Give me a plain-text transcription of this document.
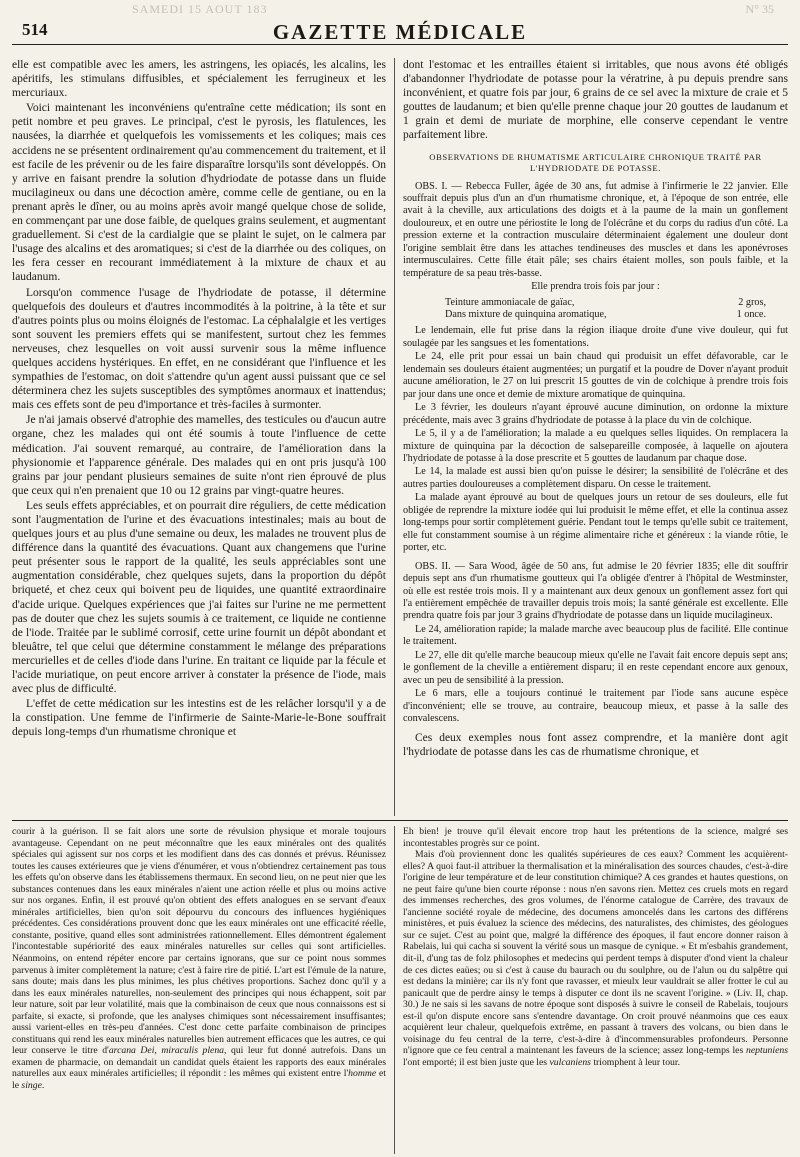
514
SAMEDI 15 AOUT 183	N° 35
GAZETTE MÉDICALE

elle est compatible avec les amers, les astringens, les opiacés, les alcalins, les apéritifs, les stimulans diffusibles, et spécialement les ferrugineux et les mercuriaux.

Voici maintenant les inconvéniens qu'entraîne cette médication; ils sont en petit nombre et peu graves. Le principal, c'est le pyrosis, les flatulences, les nausées, la diarrhée et quelquefois les vomissements et les coliques; mais ces accidens ne se présentent ordinairement qu'au commencement du traitement, et il est facile de les prévenir ou de les faire disparaître lorsqu'ils sont développés. On y arrive en faisant prendre la solution d'hydriodate de potasse dans un fluide mucilagineux ou dans une décoction amère, comme celle de gentiane, ou en la prenant après le dîner, ou au moins après avoir mangé quelque chose de solide, en commençant par une dose faible, de quelques grains seulement, et augmentant graduellement. Si c'est de la cardialgie que se plaint le sujet, on le calmera par l'usage des alcalins et des aromatiques; si c'est de la diarrhée ou des coliques, on les fera cesser en recourant immédiatement à la mixture de chaux et au laudanum.

Lorsqu'on commence l'usage de l'hydriodate de potasse, il détermine quelquefois des douleurs et d'autres incommodités à la poitrine, à la tête et sur d'autres points plus ou moins éloignés de l'estomac. La céphalalgie et les vertiges sont souvent les premiers effets qui se manifestent, surtout chez les femmes nerveuses, chez lesquelles on voit aussi survenir sous la même influence quelques accidens hystériques. En effet, en ne considérant que l'influence et les sympathies de l'estomac, on doit s'attendre qu'un agent aussi puissant que ce sel déterminera chez les sujets susceptibles des symptômes anormaux et inattendus; mais ces effets sont de peu d'importance et très-faciles à surmonter.

Je n'ai jamais observé d'atrophie des mamelles, des testicules ou d'aucun autre organe, chez les malades qui ont été soumis à toute l'influence de cette médication. J'ai souvent remarqué, au contraire, de l'amélioration dans la physionomie et l'apparence générale. Des malades qui en ont pris jusqu'à 100 grains par jour pendant plusieurs semaines de suite n'ont rien éprouvé de plus que ceux qui n'en prenaient que 10 ou 12 grains par vingt-quatre heures.

Les seuls effets appréciables, et on pourrait dire réguliers, de cette médication sont l'augmentation de l'urine et des évacuations intestinales; mais au bout de quelques jours et au plus d'une semaine ou deux, les malades ne trouvent plus de différence dans la quantité des évacuations. Quant aux changemens que l'urine peut présenter sous le rapport de la qualité, les seuls appréciables sont une augmentation considérable, chez quelques sujets, dans la proportion du dépôt briqueté, et chez ceux qui boivent peu de liquides, une quantité extraordinaire d'acide urique. Quelques expériences que j'ai faites sur l'urine ne me permettent pas de douter que chez les sujets soumis à ce traitement, ce liquide ne contienne de l'iode. Traitée par le sublimé corrosif, cette urine fournit un dépôt abondant et bleuâtre, tel que celui que détermine constamment le mélange des préparations mercurielles et de celles d'iode dans l'urine. En traitant ce liquide par la fécule et l'acide muriatique, on peut encore arriver à constater la présence de l'iode, mais avec plus de difficulté.

L'effet de cette médication sur les intestins est de les relâcher lorsqu'il y a de la constipation. Une femme de l'infirmerie de Sainte-Marie-le-Bone souffrait depuis long-temps d'un rhumatisme chronique et

dont l'estomac et les entrailles étaient si irritables, que nous avons été obligés d'abandonner l'hydriodate de potasse pour la vératrine, à pu depuis prendre sans inconvénient, et quatre fois par jour, 6 grains de ce sel avec la mixture de craie et 5 gouttes de laudanum; et bien qu'elle prenne chaque jour 20 gouttes de laudanum et 1 grain et demi de muriate de morphine, elle conserve cependant le ventre parfaitement libre.

OBSERVATIONS DE RHUMATISME ARTICULAIRE CHRONIQUE TRAITÉ PAR L'HYDRIODATE DE POTASSE.

OBS. I. — Rebecca Fuller, âgée de 30 ans, fut admise à l'infirmerie le 22 janvier. Elle souffrait depuis plus d'un an d'un rhumatisme chronique, et, à l'époque de son entrée, elle avait à la cheville, aux articulations des doigts et à la paume de la main un gonflement douloureux, et en outre une périostite le long de l'olécrâne et du corps du radius d'un côté. La pression externe et la contraction musculaire déterminaient également une douleur dont l'origine semblait être dans les attaches tendineuses des muscles et dans les aponévroses intermusculaires. Cette fille était pâle; ses chairs étaient molles, son pouls faible, et la température de sa peau très-basse.

Elle prendra trois fois par jour :

Teinture ammoniacale de gaïac,	2 gros,
Dans mixture de quinquina aromatique,	1 once.

Le lendemain, elle fut prise dans la région iliaque droite d'une vive douleur, qui fut soulagée par les sangsues et les fomentations.

Le 24, elle prit pour essai un bain chaud qui produisit un effet défavorable, car le lendemain ses douleurs étaient augmentées; un purgatif et la poudre de Dover n'ayant produit aucune amélioration, le 27 on lui prescrit 15 gouttes de vin de colchique à prendre trois fois par jour dans une once et demie de mixture aromatique de quinquina.

Le 3 février, les douleurs n'ayant éprouvé aucune diminution, on ordonne la mixture précédente, mais avec 3 grains d'hydriodate de potasse à la place du vin de colchique.

Le 5, il y a de l'amélioration; la malade a eu quelques selles liquides. On remplacera la mixture de quinquina par la décoction de salsepareille composée, à laquelle on ajoutera l'hydriodate de potasse à la dose prescrite et 5 gouttes de laudanum par chaque dose.

Le 14, la malade est aussi bien qu'on puisse le désirer; la sensibilité de l'olécrâne et des autres parties douloureuses a complètement disparu. On cesse le traitement.

La malade ayant éprouvé au bout de quelques jours un retour de ses douleurs, elle fut obligée de reprendre la mixture iodée qui lui produisit le même effet, et elle la continua assez long-temps pour sortir complètement guérie. Pendant tout le temps qu'elle subit ce traitement, elle fut constamment soumise à un régime alimentaire riche et généreux : la viande rôtie, le porter, etc.

OBS. II. — Sara Wood, âgée de 50 ans, fut admise le 20 février 1835; elle dit souffrir depuis sept ans d'un rhumatisme goutteux qui l'a obligée d'entrer à l'hôpital de Westminster, où elle est restée trois mois. Il y a maintenant aux deux genoux un gonflement assez fort qui l'a entièrement empêchée de travailler depuis trois mois; la santé générale est excellente. Elle prendra quatre fois par jour 3 grains d'hydriodate de potasse dans un liquide mucilagineux.

Le 24, amélioration rapide; la malade marche avec beaucoup plus de facilité. Elle continue le traitement.

Le 27, elle dit qu'elle marche beaucoup mieux qu'elle ne l'avait fait encore depuis sept ans; le gonflement de la cheville a entièrement disparu; il en reste cependant encore aux genoux, avec un peu de sensibilité à la pression.

Le 6 mars, elle a toujours continué le traitement par l'iode sans aucune espèce d'inconvénient; elle se trouve, au contraire, beaucoup mieux, et passe à la salle des convalescens.

Ces deux exemples nous font assez comprendre, et la manière dont agit l'hydriodate de potasse dans les cas de rhumatisme chronique, et

courir à la guérison. Il se fait alors une sorte de révulsion physique et morale toujours avantageuse. Cependant on ne peut méconnaître que les eaux minérales ont des qualités spéciales qui agissent sur nos corps et les modifient dans des cas donnés et prévus. Réunissez toutes les causes extérieures que je viens d'énumérer, et vous n'obtiendrez certainement pas tous les effets qu'on observe dans les établissemens thermaux. En second lieu, on ne peut nier que les substances contenues dans les eaux minérales n'aient une action réelle et plus ou moins active sur nos organes. Enfin, il est prouvé qu'on obtient des effets analogues en se servant d'eaux minérales artificielles, bien qu'on soit dépourvu du concours des influences hygiéniques précédentes. Ces considérations prouvent donc que les eaux minérales ont une efficacité réelle, constante, positive, quand elles sont administrées rationnellement. Elles démontrent également l'incontestable supériorité des eaux minérales naturelles sur celles qui sont artificielles. Néanmoins, on entend répéter encore par certains ignorans, que sur ce point nous sommes parvenus à imiter complètement la nature; c'est à faire rire de pitié. L'art est l'émule de la nature, sans doute; mais dans les plus minimes, les plus chétives proportions. Sachez donc qu'il y a dans les eaux minérales naturelles, non-seulement des principes qui nous échappent, soit par leur nature, soit par leur volatilité, mais que la combinaison de ceux que nous connaissons est si parfaite, si exacte, si profonde, que les analyses chimiques sont nécessairement insuffisantes; aussi varient-elles en très-peu d'années. C'est donc cette parfaite combinaison de principes constituans qui rend les eaux minérales naturelles bien autrement efficaces que les autres, ce qui leur conserve le titre d'arcana Dei, miraculis plena, qui leur fut donné autrefois. Dans un examen de pharmacie, on demandait un candidat quels étaient les rapports des eaux minérales naturelles aux eaux minérales artificielles; il répondit : les mêmes qui existent entre l'homme et le singe.

Eh bien! je trouve qu'il élevait encore trop haut les prétentions de la science, malgré ses incontestables progrès sur ce point.

Mais d'où proviennent donc les qualités supérieures de ces eaux? Comment les acquièrent-elles? A quoi faut-il attribuer la thermalisation et la minéralisation des sources chaudes, c'est-à-dire l'origine de leur température et de leur constitution chimique? A ces grandes et hautes questions, on ne peut faire qu'une bien courte réponse : nous n'en savons rien. Mettez ces cruels mots en regard des immenses recherches, des gros volumes, de l'énorme catalogue de Carrère, des travaux de l'ancienne société royale de médecine, des documens amoncelés dans les cartons des différens ministères, et puis évaluez la science des médecins, des naturalistes, des chimistes, des géologues sur ce sujet. C'est au point que, malgré la différence des époques, il faut encore donner raison à Rabelais, lui qui cacha si souvent la vérité sous un masque de cynique. « Et m'esbahis grandement, dit-il, d'ung tas de folz philosophes et medecins qui perdent temps à disputer d'ond vient la chaleur de ces dictes eaües; ou si c'est à cause du baurach ou du soulphre, ou de l'alun ou du salpêtre qui est dedans la minière; car ils n'y font que ravasser, et mieulx leur vauldrait se aller frotter le cul au panicault que de perdre ainsy le temps à disputer ce dont ils ne scavent l'origine. » (Liv. II, chap. 30.) Je ne sais si les savans de notre époque sont disposés à suivre le conseil de Rabelais, toujours est-il qu'on dispute encore sans s'entendre davantage. On croit prouvé néanmoins que ces eaux acquièrent leur chaleur, quelquefois extrême, en passant à travers des volcans, ou bien dans le voisinage du feu central de la terre, c'est-à-dire à d'incommensurables profondeurs. Personne n'ignore que ce feu central a maintenant les faveurs de la science; assez long-temps les neptuniens l'ont emporté; il est bien juste que les vulcaniens triomphent à leur tour.
